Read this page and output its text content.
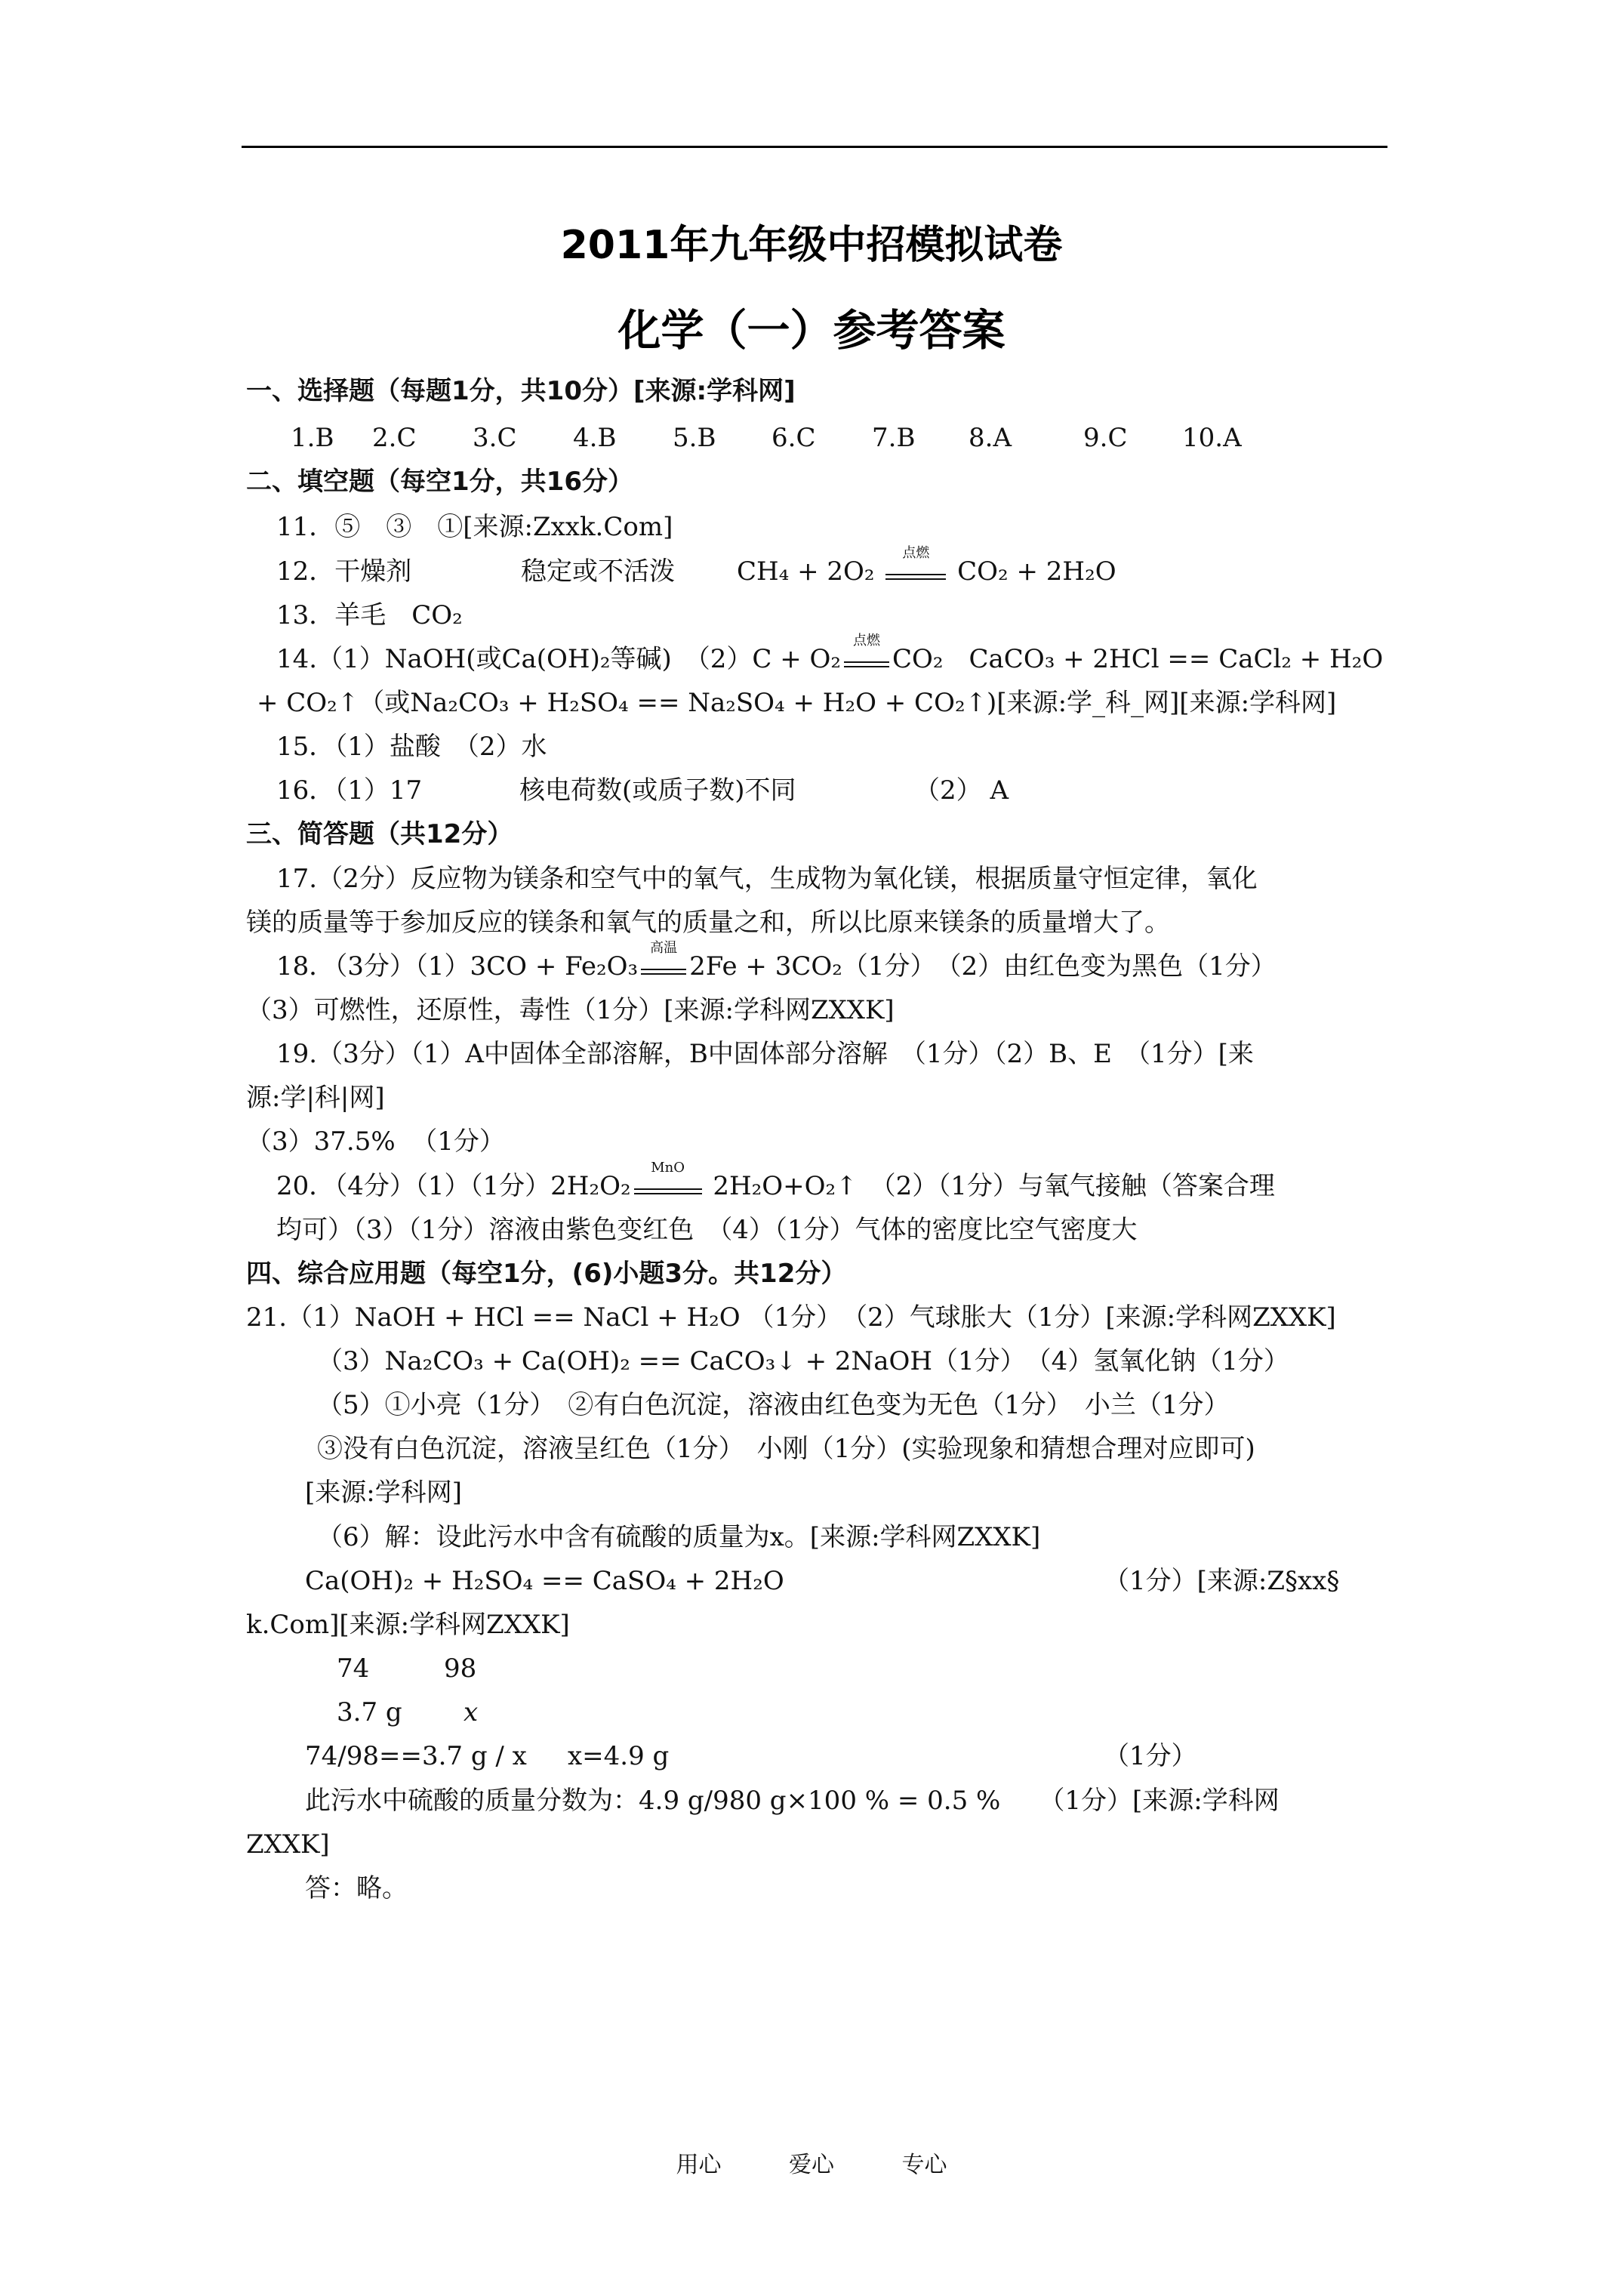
2011年九年级中招模拟试卷
化学（一）参考答案
一、选择题（每题1分，共10分）[来源:学科网]
1.B 2.C 3.C 4.B 5.B 6.C 7.B 8.A	9.C 10.A
二、填空题（每空1分，共16分）
11．⑤　③　①[来源:Zxxk.Com]
12．干燥剂	稳定或不活泼 CH₄ + 2O₂
点燃
CO₂ + 2H₂O
13．羊毛　CO₂
14.（1）NaOH(或Ca(OH)₂等碱)　（2）C + O₂
点燃
CO₂　CaCO₃ + 2HCl == CaCl₂ + H₂O
+ CO₂↑（或Na₂CO₃ + H₂SO₄ == Na₂SO₄ + H₂O + CO₂↑)[来源:学_科_网][来源:学科网]
15．（1）盐酸　（2）水
16．（1）17	核电荷数(或质子数)不同	（2） A
三、简答题（共12分）
17.（2分）反应物为镁条和空气中的氧气，生成物为氧化镁，根据质量守恒定律，氧化
镁的质量等于参加反应的镁条和氧气的质量之和，所以比原来镁条的质量增大了。
18．（3分）（1）3CO + Fe₂O₃
高温
2Fe + 3CO₂（1分）　（2）由红色变为黑色（1分）
（3）可燃性，还原性，毒性（1分）[来源:学科网ZXXK]
19.（3分）（1）A中固体全部溶解，B中固体部分溶解　（1分）（2）B、E　（1分）[来
源:学|科|网]
（3）37.5%  （1分）
20．（4分）（1）（1分）2H₂O₂
MnO
2H₂O+O₂↑　（2）（1分）与氧气接触（答案合理
均可）（3）（1分）溶液由紫色变红色　（4）（1分）气体的密度比空气密度大
四、综合应用题（每空1分，(6)小题3分。共12分）
21.（1）NaOH + HCl == NaCl + H₂O （1分）　（2）气球胀大（1分）[来源:学科网ZXXK]
（3）Na₂CO₃ + Ca(OH)₂ == CaCO₃↓ + 2NaOH（1分）　（4）氢氧化钠（1分）
（5）①小亮（1分）　②有白色沉淀，溶液由红色变为无色（1分）　小兰（1分）
③没有白色沉淀，溶液呈红色（1分）　小刚（1分）(实验现象和猜想合理对应即可)
[来源:学科网]
（6）解：设此污水中含有硫酸的质量为x。[来源:学科网ZXXK]
Ca(OH)₂ + H₂SO₄ == CaSO₄ + 2H₂O	（1分）[来源:Z§xx§
k.Com][来源:学科网ZXXK]
74	98
3.7 g x
74/98==3.7 g / x x=4.9 g	（1分）
此污水中硫酸的质量分数为：4.9 g/980 g×100 % = 0.5 %　　（1分）[来源:学科网
ZXXK]
答：略。
用心	爱心	专心
